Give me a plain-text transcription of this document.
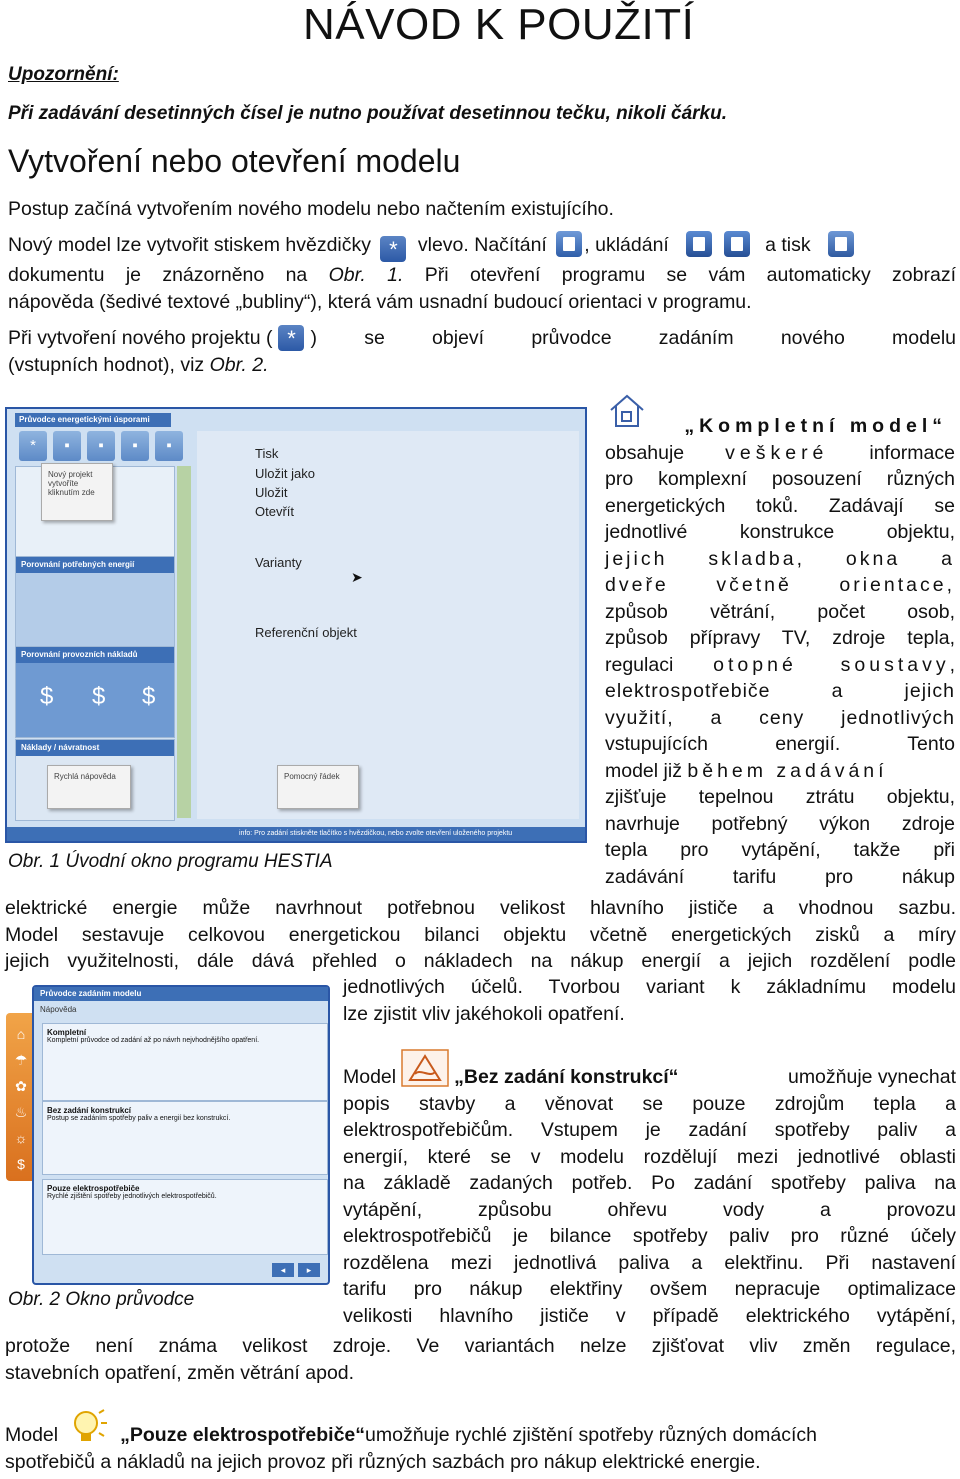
NÁVOD K POUŽITÍ
Upozornění:
Při zadávání desetinných čísel je nutno používat desetinnou tečku, nikoli čárku.
Vytvoření nebo otevření modelu
Postup začíná vytvořením nového modelu nebo načtením existujícího.
Nový model lze vytvořit stiskem hvězdičky * vlevo. Načítání , ukládání
	a tisk
dokumentu je znázorněno na Obr. 1. Při otevření programu se vám automaticky zobrazí
nápověda (šedivé textové „bubliny“), která vám usnadní budoucí orientaci v programu.
Při vytvoření nového projektu ( * ) se objeví průvodce zadáním nového modelu
(vstupních hodnot), viz Obr. 2.
Průvodce energetickými úsporami
*	▪	▪	▪	▪
Porovnání potřebných energií
Porovnání provozních nákladů
$ $ $
Náklady / návratnost
Tisk
Uložit jako
Uložit
Otevřít
Varianty
Referenční objekt
➤
Nový projekt vytvoříte kliknutím zde
Rychlá nápověda	Pomocný řádek
info: Pro zadání stiskněte tlačítko s hvězdičkou, nebo zvolte otevření uloženého projektu
Obr. 1 Úvodní okno programu HESTIA
„Kompletní model“
obsahuje veškeré informace
pro komplexní posouzení různých
energetických toků. Zadávají se
jednotlivé konstrukce objektu,
jejich skladba, okna a
dveře včetně orientace,
způsob větrání, počet osob,
způsob přípravy TV, zdroje tepla,
regulaci otopné soustavy,
elektrospotřebiče a jejich
využití, a ceny jednotlivých
vstupujících energií. Tento
model již během zadávání
zjišťuje tepelnou ztrátu objektu,
navrhuje potřebný výkon zdroje
tepla pro vytápění, takže při
zadávání tarifu pro nákup
elektrické energie může navrhnout potřebnou velikost hlavního jističe a vhodnou sazbu.
Model sestavuje celkovou energetickou bilanci objektu včetně energetických zisků a míry
jejich využitelnosti, dále dává přehled o nákladech na nákup energií a jejich rozdělení podle
jednotlivých účelů. Tvorbou variant k základnímu modelu
lze zjistit vliv jakéhokoli opatření.
⌂
☂
✿
♨
☼
$
Průvodce zadáním modelu
Nápověda
Kompletní
Kompletní průvodce od zadání až po návrh nejvhodnějšího opatření.
Bez zadání konstrukcí
Postup se zadáním spotřeby paliv a energií bez konstrukcí.
Pouze elektrospotřebiče
Rychlé zjištění spotřeby jednotlivých elektrospotřebičů.
▸
◂
Obr. 2 Okno průvodce
Model	„Bez zadání konstrukcí“	umožňuje vynechat
popis stavby a věnovat se pouze zdrojům tepla a
elektrospotřebičům. Vstupem je zadání spotřeby paliv a
energií, které se v modelu rozdělují mezi jednotlivé oblasti
na základě zadaných potřeb. Po zadání spotřeby paliva na
vytápění, způsobu ohřevu vody a provozu
elektrospotřebičů je bilance spotřeby paliv pro různé účely
rozdělena mezi jednotlivá paliva a elektřinu. Při nastavení
tarifu pro nákup elektřiny ovšem nepracuje optimalizace
velikosti hlavního jističe v případě elektrického vytápění,
protože není známa velikost zdroje. Ve variantách nelze zjišťovat vliv změn regulace,
stavebních opatření, změn větrání apod.
Model	„Pouze elektrospotřebiče“ umožňuje rychlé zjištění spotřeby různých domácích
spotřebičů a nákladů na jejich provoz při různých sazbách pro nákup elektrické energie.
